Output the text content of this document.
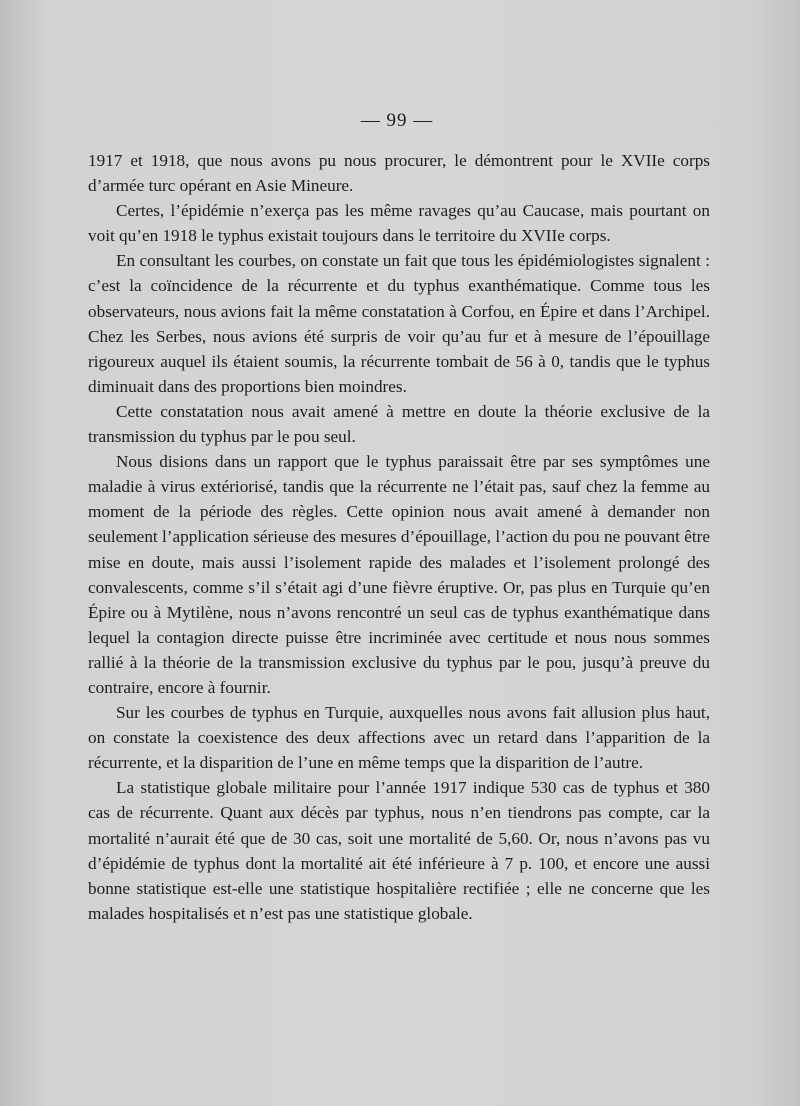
— 99 —

1917 et 1918, que nous avons pu nous procurer, le démontrent pour le XVIIe corps d’armée turc opérant en Asie Mineure.

Certes, l’épidémie n’exerça pas les même ravages qu’au Caucase, mais pourtant on voit qu’en 1918 le typhus existait toujours dans le territoire du XVIIe corps.

En consultant les courbes, on constate un fait que tous les épidémiologistes signalent : c’est la coïncidence de la récurrente et du typhus exanthématique. Comme tous les observateurs, nous avions fait la même constatation à Corfou, en Épire et dans l’Archipel. Chez les Serbes, nous avions été surpris de voir qu’au fur et à mesure de l’épouillage rigoureux auquel ils étaient soumis, la récurrente tombait de 56 à 0, tandis que le typhus diminuait dans des proportions bien moindres.

Cette constatation nous avait amené à mettre en doute la théorie exclusive de la transmission du typhus par le pou seul.

Nous disions dans un rapport que le typhus paraissait être par ses symptômes une maladie à virus extériorisé, tandis que la récurrente ne l’était pas, sauf chez la femme au moment de la période des règles. Cette opinion nous avait amené à demander non seulement l’application sérieuse des mesures d’épouillage, l’action du pou ne pouvant être mise en doute, mais aussi l’isolement rapide des malades et l’isolement prolongé des convalescents, comme s’il s’était agi d’une fièvre éruptive. Or, pas plus en Turquie qu’en Épire ou à Mytilène, nous n’avons rencontré un seul cas de typhus exanthématique dans lequel la contagion directe puisse être incriminée avec certitude et nous nous sommes rallié à la théorie de la transmission exclusive du typhus par le pou, jusqu’à preuve du contraire, encore à fournir.

Sur les courbes de typhus en Turquie, auxquelles nous avons fait allusion plus haut, on constate la coexistence des deux affections avec un retard dans l’apparition de la récurrente, et la disparition de l’une en même temps que la disparition de l’autre.

La statistique globale militaire pour l’année 1917 indique 530 cas de typhus et 380 cas de récurrente. Quant aux décès par typhus, nous n’en tiendrons pas compte, car la mortalité n’aurait été que de 30 cas, soit une mortalité de 5,60. Or, nous n’avons pas vu d’épidémie de typhus dont la mortalité ait été inférieure à 7 p. 100, et encore une aussi bonne statistique est-elle une statistique hospitalière rectifiée ; elle ne concerne que les malades hospitalisés et n’est pas une statistique globale.
